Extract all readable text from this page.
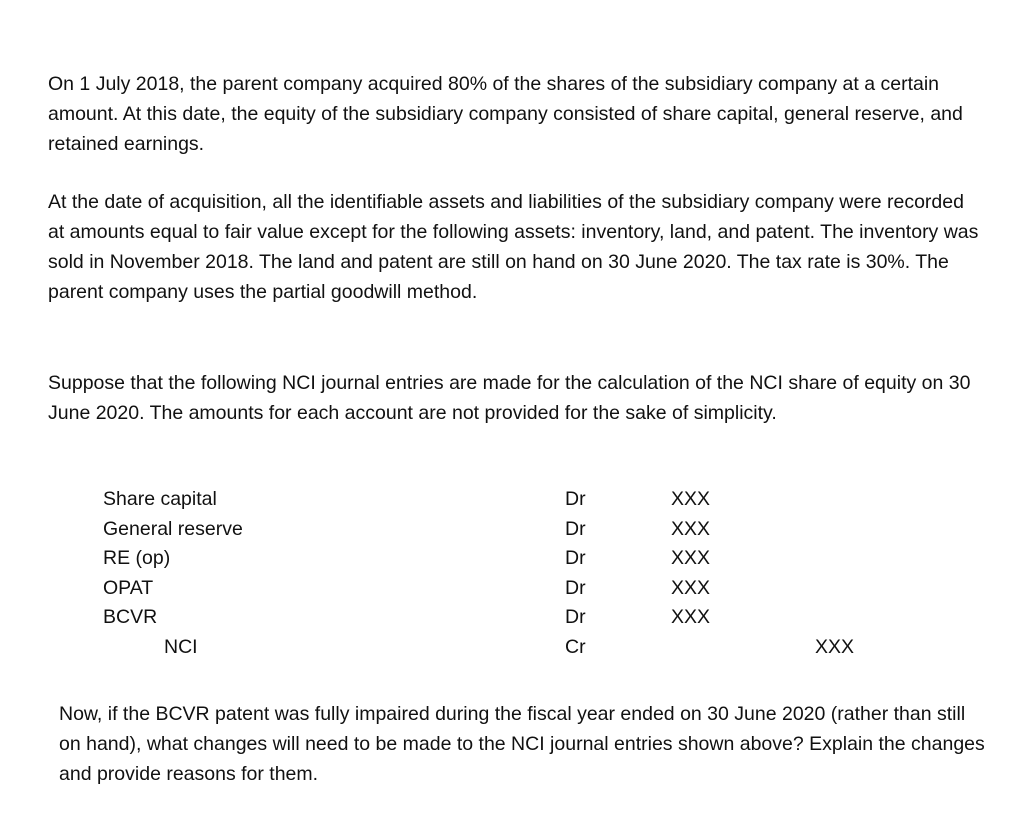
On 1 July 2018, the parent company acquired 80% of the shares of the subsidiary company at a certain amount. At this date, the equity of the subsidiary company consisted of share capital, general reserve, and retained earnings.

At the date of acquisition, all the identifiable assets and liabilities of the subsidiary company were recorded at amounts equal to fair value except for the following assets: inventory, land, and patent. The inventory was sold in November 2018. The land and patent are still on hand on 30 June 2020. The tax rate is 30%. The parent company uses the partial goodwill method.

Suppose that the following NCI journal entries are made for the calculation of the NCI share of equity on 30 June 2020. The amounts for each account are not provided for the sake of simplicity.

Share capital	Dr	XXX
General reserve	Dr	XXX
RE (op)	Dr	XXX
OPAT	Dr	XXX
BCVR	Dr	XXX
NCI	Cr	XXX

Now, if the BCVR patent was fully impaired during the fiscal year ended on 30 June 2020 (rather than still on hand), what changes will need to be made to the NCI journal entries shown above? Explain the changes and provide reasons for them.
